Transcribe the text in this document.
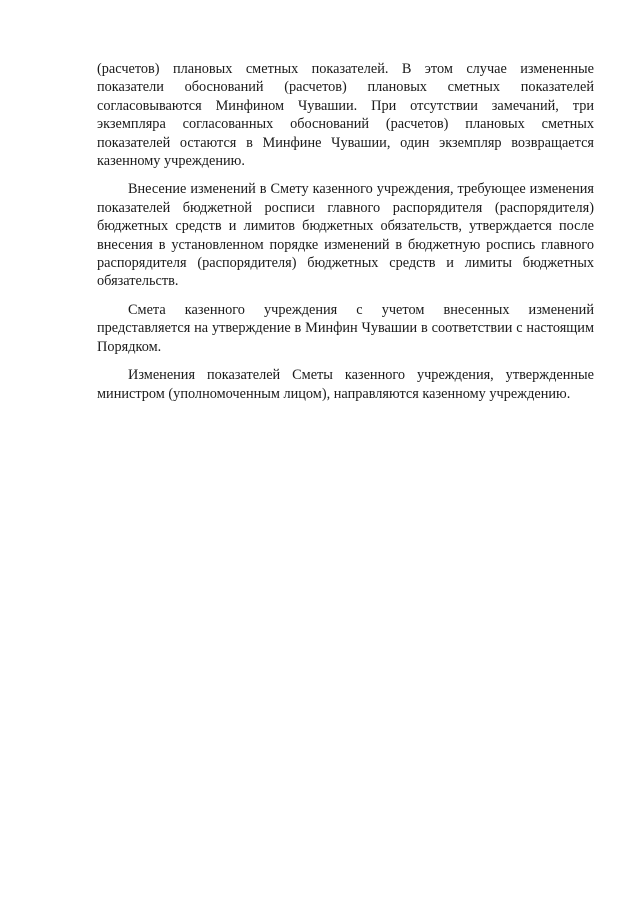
(расчетов) плановых сметных показателей. В этом случае измененные показатели обоснований (расчетов) плановых сметных показателей согласовываются Минфином Чувашии. При отсутствии замечаний, три экземпляра согласованных обоснований (расчетов) плановых сметных показателей остаются в Минфине Чувашии, один экземпляр возвращается казенному учреждению.

Внесение изменений в Смету казенного учреждения, требующее изменения показателей бюджетной росписи главного распорядителя (распорядителя) бюджетных средств и лимитов бюджетных обязательств, утверждается после внесения в установленном порядке изменений в бюджетную роспись главного распорядителя (распорядителя) бюджетных средств и лимиты бюджетных обязательств.

Смета казенного учреждения с учетом внесенных изменений представляется на утверждение в Минфин Чувашии в соответствии с настоящим Порядком.

Изменения показателей Сметы казенного учреждения, утвержденные министром (уполномоченным лицом), направляются казенному учреждению.
